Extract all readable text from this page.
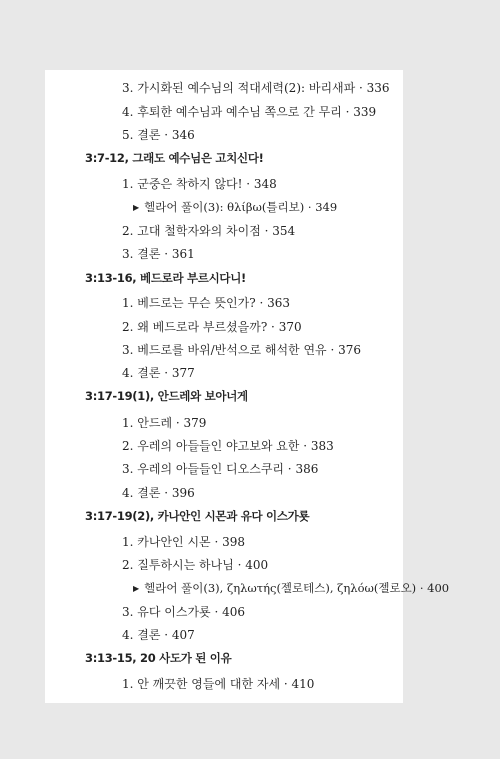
3. 가시화된 예수님의 적대세력(2): 바리새파 · 336
4. 후퇴한 예수님과 예수님 쪽으로 간 무리 · 339
5. 결론 · 346
3:7-12, 그래도 예수님은 고치신다!
1. 군중은 착하지 않다! · 348
▶ 헬라어 풀이(3): θλίβω(틀리보) · 349
2. 고대 철학자와의 차이점 · 354
3. 결론 · 361
3:13-16, 베드로라 부르시다니!
1. 베드로는 무슨 뜻인가? · 363
2. 왜 베드로라 부르셨을까? · 370
3. 베드로를 바위/반석으로 해석한 연유 · 376
4. 결론 · 377
3:17-19(1), 안드레와 보아너게
1. 안드레 · 379
2. 우레의 아들들인 야고보와 요한 · 383
3. 우레의 아들들인 디오스쿠리 · 386
4. 결론 · 396
3:17-19(2), 카나안인 시몬과 유다 이스가룟
1. 카나안인 시몬 · 398
2. 질투하시는 하나님 · 400
▶ 헬라어 풀이(3), ζηλωτής(젤로테스), ζηλόω(젤로오) · 400
3. 유다 이스가룟 · 406
4. 결론 · 407
3:13-15, 20 사도가 된 이유
1. 안 깨끗한 영들에 대한 자세 · 410
